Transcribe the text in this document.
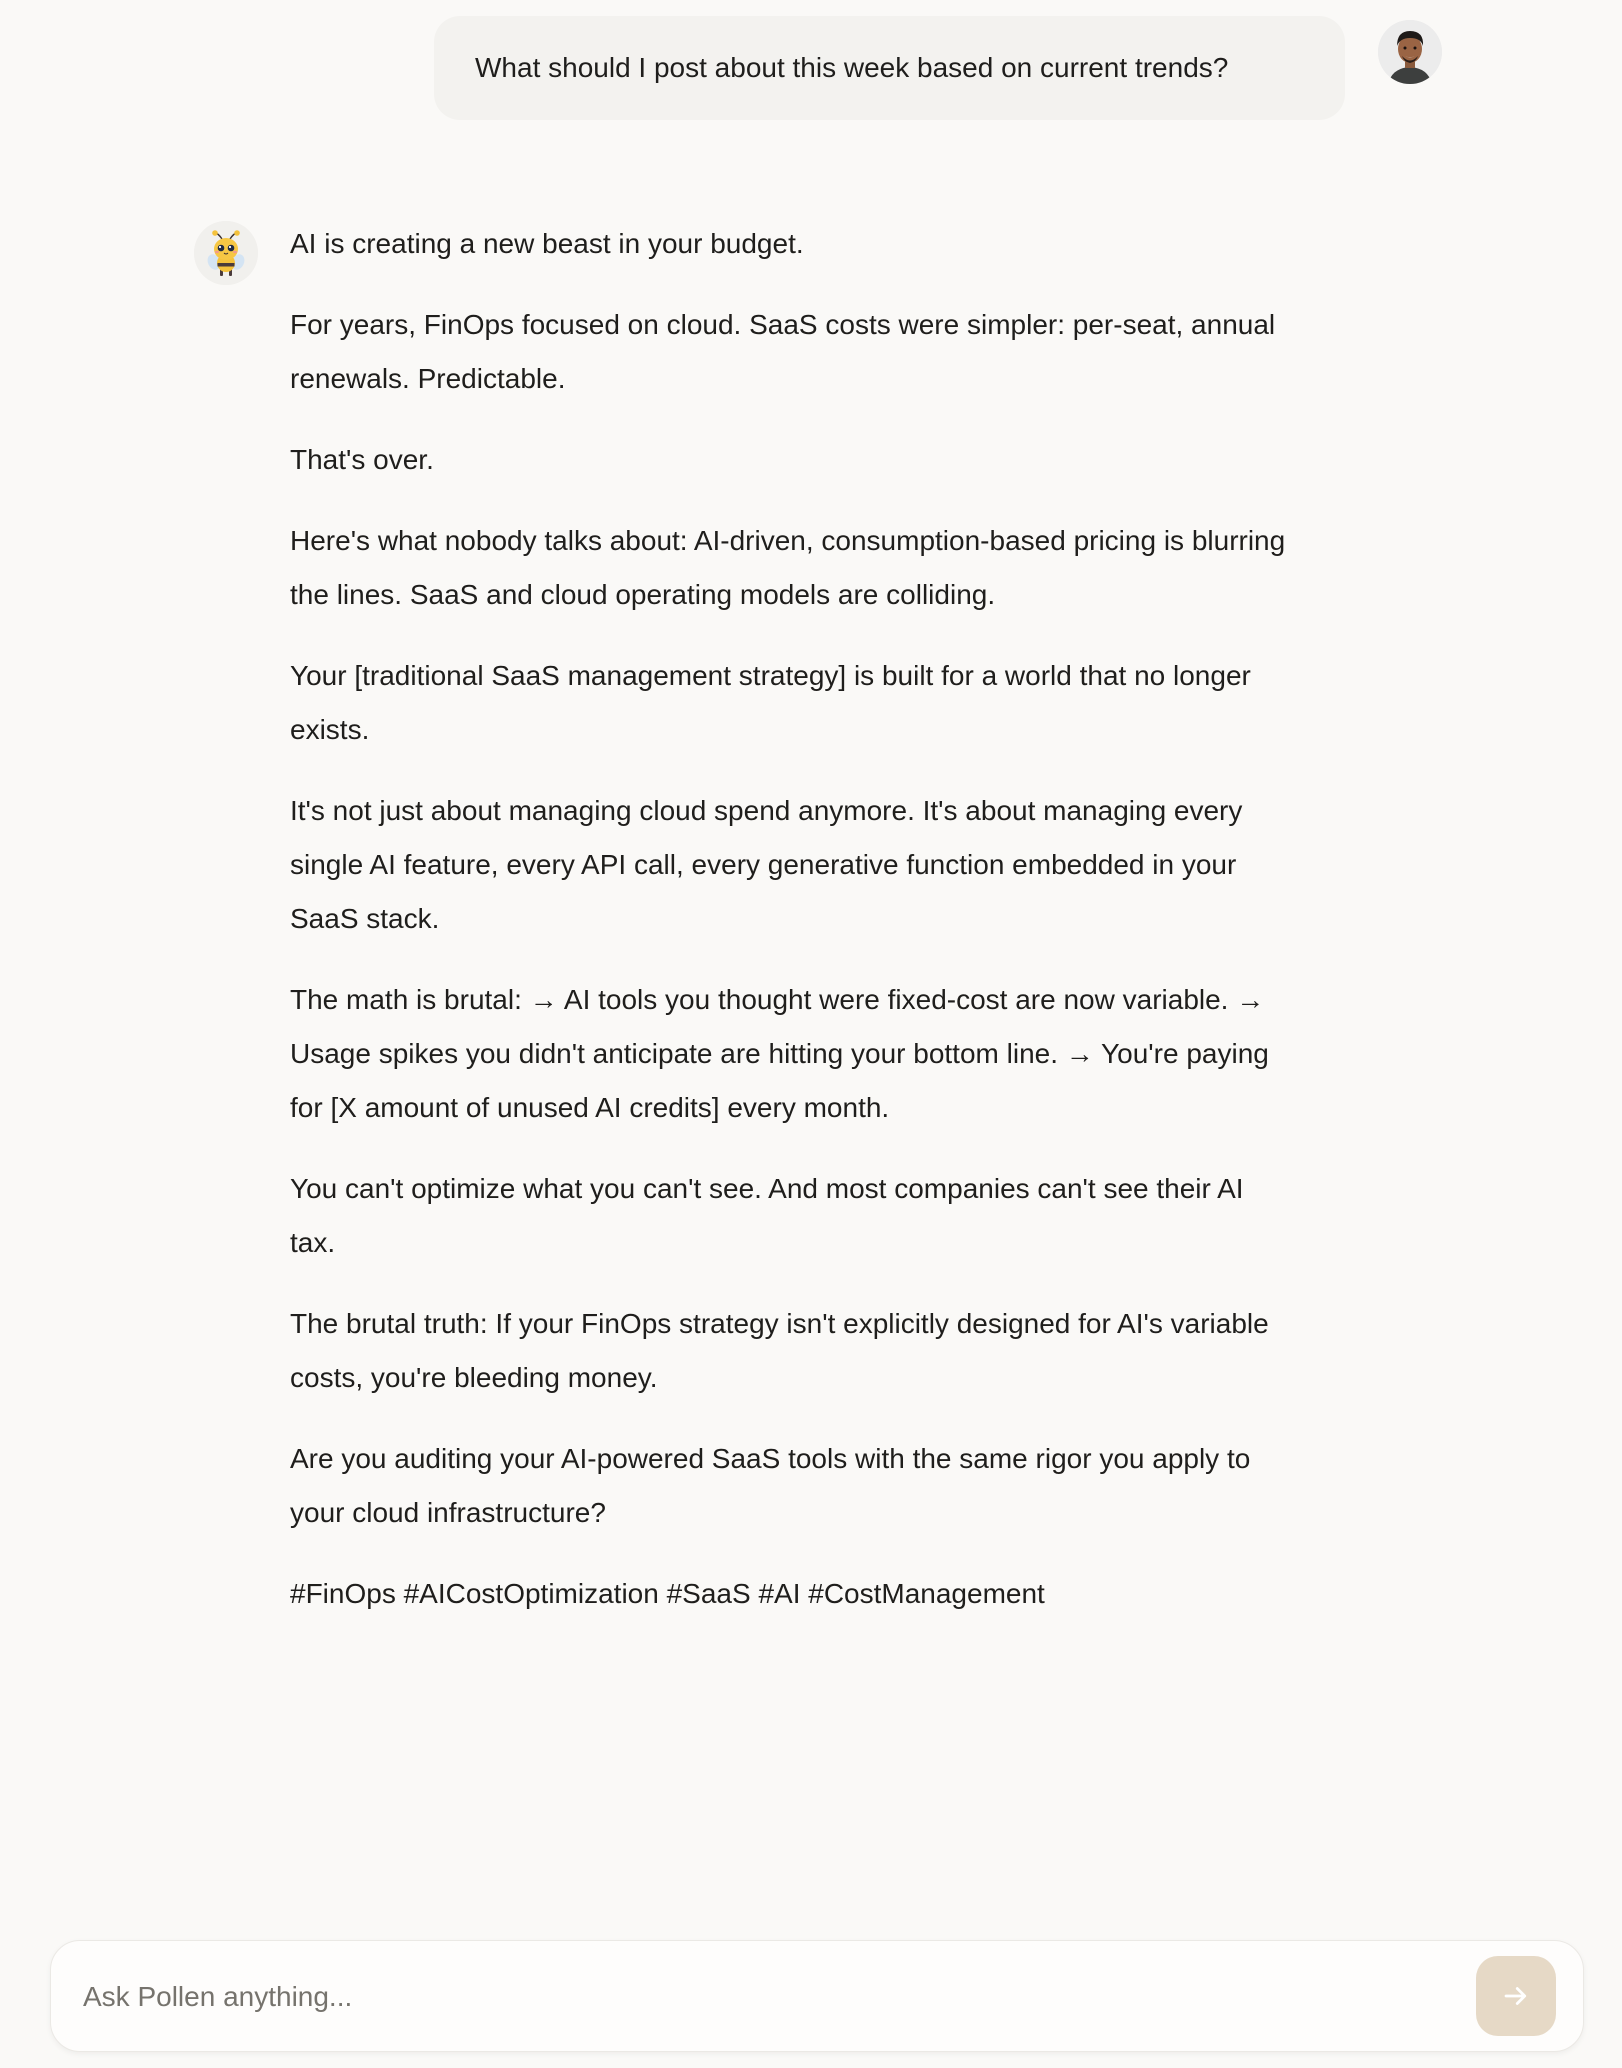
What should I post about this week based on current trends?

AI is creating a new beast in your budget.

For years, FinOps focused on cloud. SaaS costs were simpler: per-seat, annual renewals. Predictable.

That's over.

Here's what nobody talks about: AI-driven, consumption-based pricing is blurring the lines. SaaS and cloud operating models are colliding.

Your [traditional SaaS management strategy] is built for a world that no longer exists.

It's not just about managing cloud spend anymore. It's about managing every single AI feature, every API call, every generative function embedded in your SaaS stack.

The math is brutal: → AI tools you thought were fixed-cost are now variable. → Usage spikes you didn't anticipate are hitting your bottom line. → You're paying for [X amount of unused AI credits] every month.

You can't optimize what you can't see. And most companies can't see their AI tax.

The brutal truth: If your FinOps strategy isn't explicitly designed for AI's variable costs, you're bleeding money.

Are you auditing your AI-powered SaaS tools with the same rigor you apply to your cloud infrastructure?

#FinOps #AICostOptimization #SaaS #AI #CostManagement

Ask Pollen anything...
